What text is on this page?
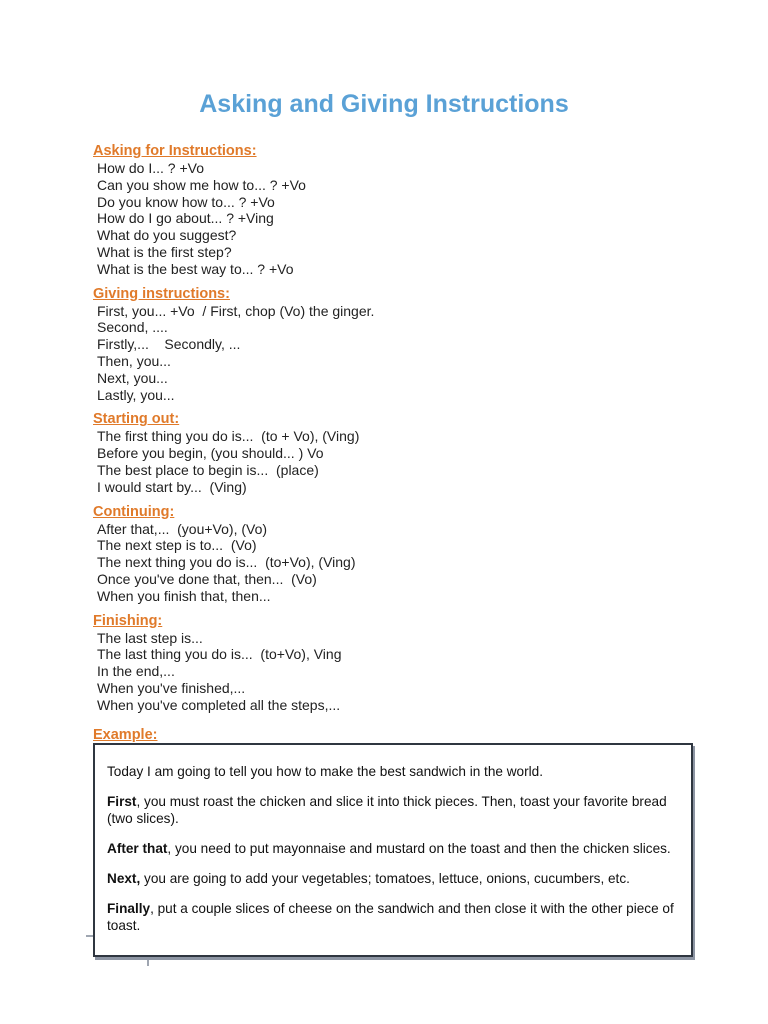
Asking and Giving Instructions
Asking for Instructions:
How do I... ? +Vo
Can you show me how to... ? +Vo
Do you know how to... ? +Vo
How do I go about... ? +Ving
What do you suggest?
What is the first step?
What is the best way to... ? +Vo
Giving instructions:
First, you... +Vo  / First, chop (Vo) the ginger.
Second, ....
Firstly,...    Secondly, ...
Then, you...
Next, you...
Lastly, you...
Starting out:
The first thing you do is...  (to + Vo), (Ving)
Before you begin, (you should... ) Vo
The best place to begin is...  (place)
I would start by...  (Ving)
Continuing:
After that,...  (you+Vo), (Vo)
The next step is to...  (Vo)
The next thing you do is...  (to+Vo), (Ving)
Once you've done that, then...  (Vo)
When you finish that, then...
Finishing:
The last step is...
The last thing you do is...  (to+Vo), Ving
In the end,...
When you've finished,...
When you've completed all the steps,...
Example:

Today I am going to tell you how to make the best sandwich in the world.

First, you must roast the chicken and slice it into thick pieces. Then, toast your favorite bread (two slices).

After that, you need to put mayonnaise and mustard on the toast and then the chicken slices.

Next, you are going to add your vegetables; tomatoes, lettuce, onions, cucumbers, etc.

Finally, put a couple slices of cheese on the sandwich and then close it with the other piece of toast.
